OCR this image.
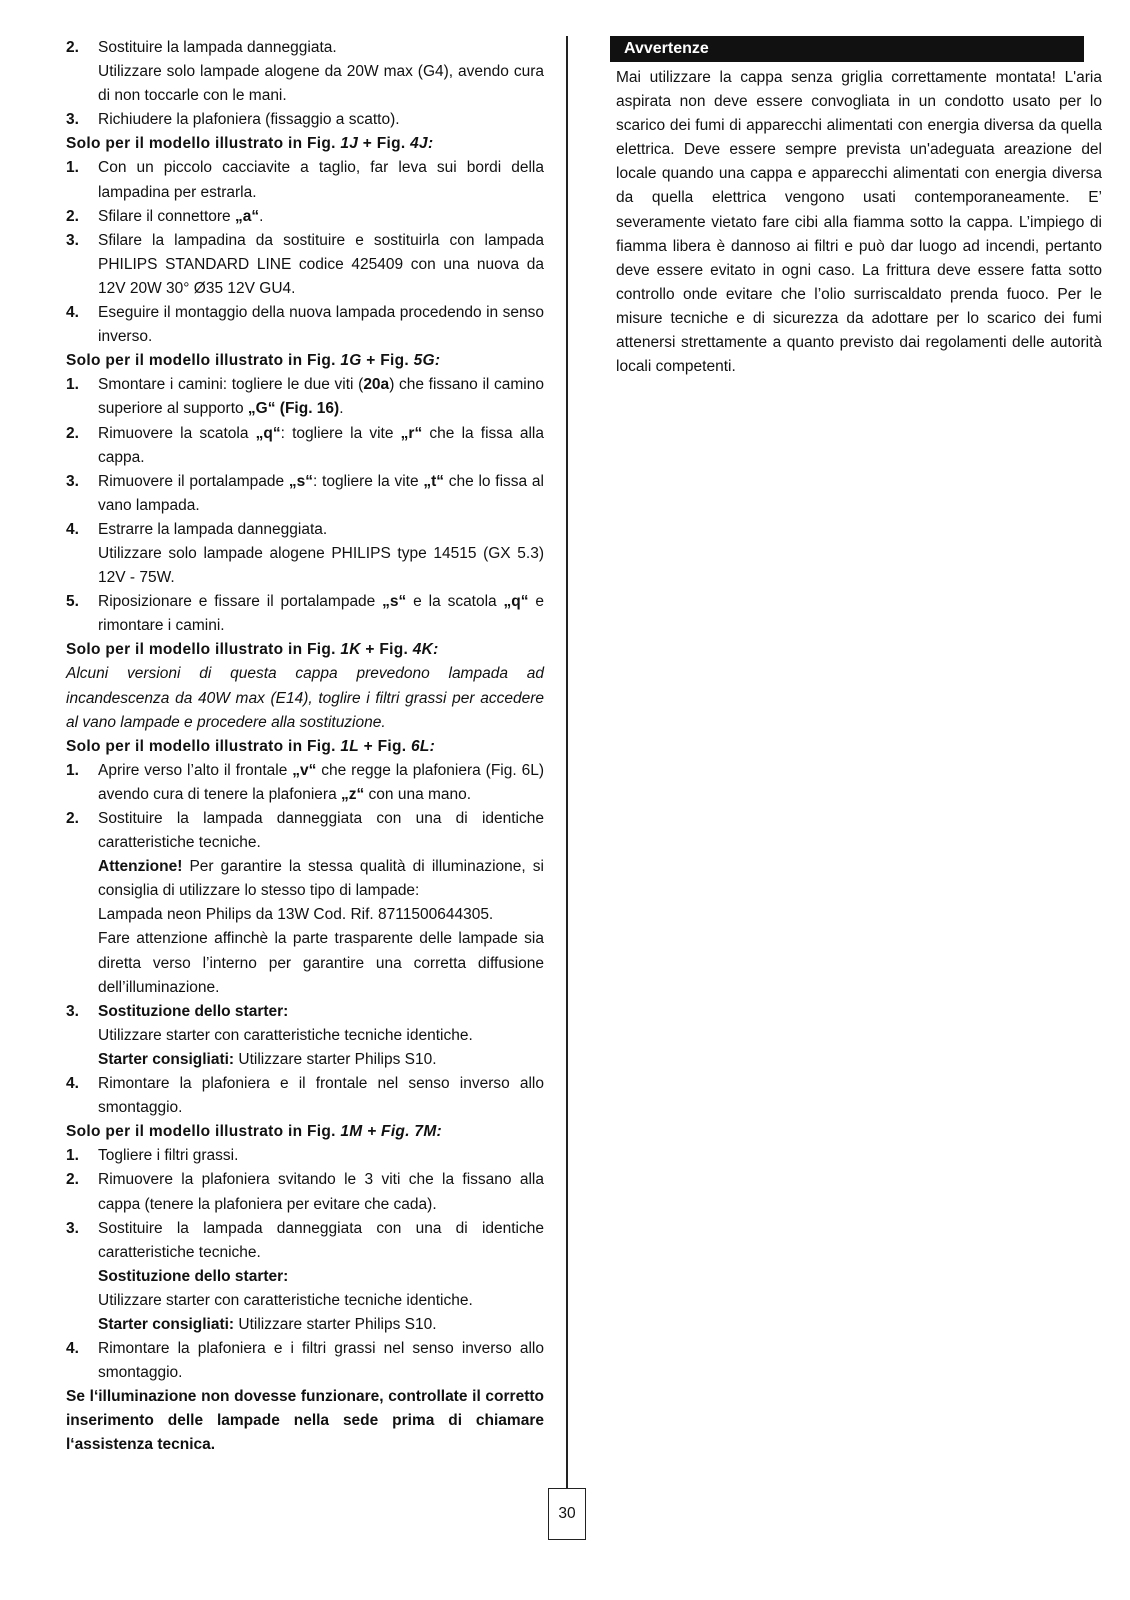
2.	Sostituire la lampada danneggiata.

Utilizzare solo lampade alogene da 20W max (G4), avendo cura di non toccarle con le mani.

3.	Richiudere la plafoniera (fissaggio a scatto).

Solo per il modello illustrato in Fig. 1J + Fig. 4J:

1.	Con un piccolo cacciavite a taglio, far leva sui bordi della lampadina per estrarla.
2.	Sfilare il connettore „a“.
3.	Sfilare la lampadina da sostituire e sostituirla con lampada PHILIPS STANDARD LINE codice 425409 con una nuova da 12V 20W 30° Ø35 12V GU4.
4.	Eseguire il montaggio della nuova lampada procedendo in senso inverso.

Solo per il modello illustrato in Fig. 1G + Fig. 5G:

1.	Smontare i camini: togliere le due viti (20a) che fissano il camino superiore al supporto „G“ (Fig. 16).
2.	Rimuovere la scatola „q“: togliere la vite „r“ che la fissa alla cappa.
3.	Rimuovere il portalampade „s“: togliere la vite „t“ che lo fissa al vano lampada.
4.	Estrarre la lampada danneggiata.

Utilizzare solo lampade alogene PHILIPS type 14515 (GX 5.3) 12V - 75W.

5.	Riposizionare e fissare il portalampade „s“ e la scatola „q“ e rimontare i camini.

Solo per il modello illustrato in Fig. 1K + Fig. 4K:

Alcuni versioni di questa cappa prevedono lampada ad incandescenza da 40W max (E14), toglire i filtri grassi per accedere al vano lampade e procedere alla sostituzione.

Solo per il modello illustrato in Fig. 1L + Fig. 6L:

1.	Aprire verso l’alto il frontale „v“ che regge la plafoniera (Fig. 6L) avendo cura di tenere la plafoniera „z“ con una mano.
2.	Sostituire la lampada danneggiata con una di identiche caratteristiche tecniche.

Attenzione! Per garantire la stessa qualità di illuminazione, si consiglia di utilizzare lo stesso tipo di lampade:

Lampada neon Philips da 13W Cod. Rif. 8711500644305.

Fare attenzione affinchè la parte trasparente delle lampade sia diretta verso l’interno per garantire una corretta diffusione dell’illuminazione.

3.	Sostituzione dello starter:

Utilizzare starter con caratteristiche tecniche identiche.

Starter consigliati: Utilizzare starter Philips S10.

4.	Rimontare la plafoniera e il frontale nel senso inverso allo smontaggio.

Solo per il modello illustrato in Fig. 1M + Fig. 7M:

1.	Togliere i filtri grassi.
2.	Rimuovere la plafoniera svitando le 3 viti che la fissano alla cappa (tenere la plafoniera per evitare che cada).
3.	Sostituire la lampada danneggiata con una di identiche caratteristiche tecniche.

Sostituzione dello starter:

Utilizzare starter con caratteristiche tecniche identiche.

Starter consigliati: Utilizzare starter Philips S10.

4.	Rimontare la plafoniera e i filtri grassi nel senso inverso allo smontaggio.

Se l‘illuminazione non dovesse funzionare, controllate il corretto inserimento delle lampade nella sede prima di chiamare l‘assistenza tecnica.

Avvertenze

Mai utilizzare la cappa senza griglia correttamente montata! L'aria aspirata non deve essere convogliata in un condotto usato per lo scarico dei fumi di apparecchi alimentati con energia diversa da quella elettrica. Deve essere sempre prevista un'adeguata areazione del locale quando una cappa e apparecchi alimentati con energia diversa da quella elettrica vengono usati contemporaneamente. E’ severamente vietato fare cibi alla fiamma sotto la cappa. L’impiego di fiamma libera è dannoso ai filtri e può dar luogo ad incendi, pertanto deve essere evitato in ogni caso. La frittura deve essere fatta sotto controllo onde evitare che l’olio surriscaldato prenda fuoco. Per le misure tecniche e di sicurezza da adottare per lo scarico dei fumi attenersi strettamente a quanto previsto dai regolamenti delle autorità locali competenti.

30
